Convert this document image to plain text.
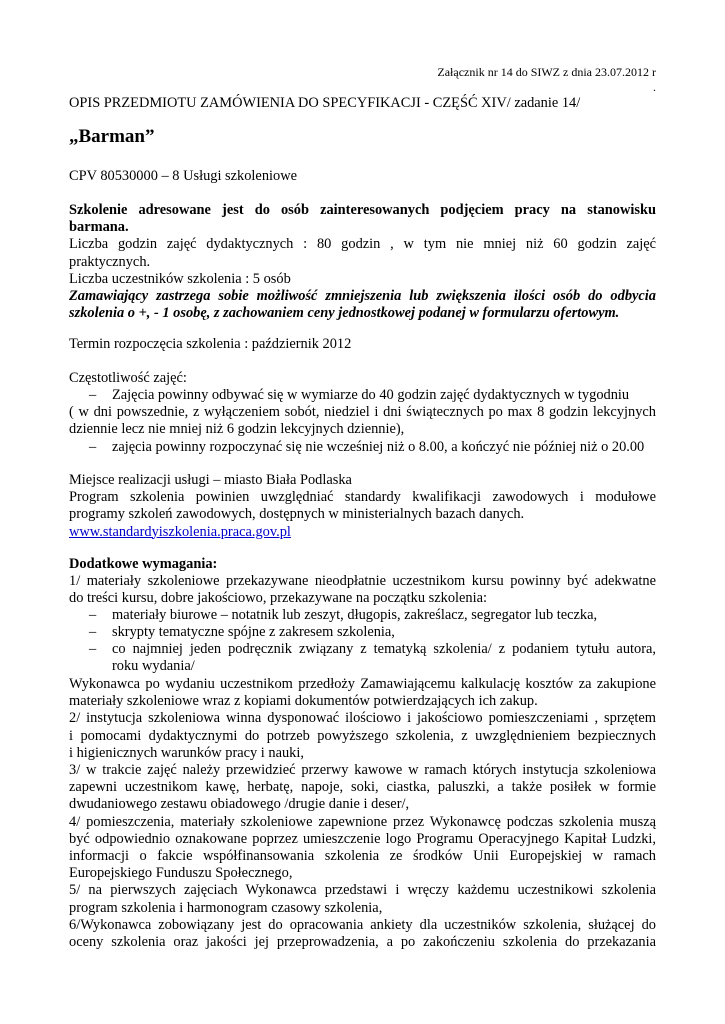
Załącznik nr 14 do SIWZ z dnia 23.07.2012 r
.
OPIS PRZEDMIOTU ZAMÓWIENIA DO SPECYFIKACJI - CZĘŚĆ XIV/ zadanie 14/
„Barman”
CPV 80530000 – 8 Usługi szkoleniowe
Szkolenie adresowane jest do osób zainteresowanych podjęciem pracy na stanowisku
barmana.
Liczba godzin zajęć dydaktycznych : 80 godzin , w tym nie mniej niż 60 godzin zajęć
praktycznych.
Liczba uczestników szkolenia : 5 osób
Zamawiający zastrzega sobie możliwość zmniejszenia lub zwiększenia ilości osób do odbycia
szkolenia o +, - 1 osobę, z zachowaniem ceny jednostkowej podanej w formularzu ofertowym.
Termin rozpoczęcia szkolenia : październik 2012
Częstotliwość zajęć:
– Zajęcia powinny odbywać się w wymiarze do 40 godzin zajęć dydaktycznych w tygodniu
( w dni powszednie, z wyłączeniem sobót, niedziel i dni świątecznych po max 8 godzin lekcyjnych
dziennie lecz nie mniej niż 6 godzin lekcyjnych dziennie),
– zajęcia powinny rozpoczynać się nie wcześniej niż o 8.00, a kończyć nie później niż o 20.00
Miejsce realizacji usługi – miasto Biała Podlaska
Program szkolenia powinien uwzględniać standardy kwalifikacji zawodowych i modułowe
programy szkoleń zawodowych, dostępnych w ministerialnych bazach danych.
www.standardyiszkolenia.praca.gov.pl
Dodatkowe wymagania:
1/ materiały szkoleniowe przekazywane nieodpłatnie uczestnikom kursu powinny być adekwatne
do treści kursu, dobre jakościowo, przekazywane na początku szkolenia:
– materiały biurowe – notatnik lub zeszyt, długopis, zakreślacz, segregator lub teczka,
– skrypty tematyczne spójne z zakresem szkolenia,
– co najmniej jeden podręcznik związany z tematyką szkolenia/ z podaniem tytułu autora,
roku wydania/
Wykonawca po wydaniu uczestnikom przedłoży Zamawiającemu kalkulację kosztów za zakupione
materiały szkoleniowe wraz z kopiami dokumentów potwierdzających ich zakup.
2/ instytucja szkoleniowa winna dysponować ilościowo i jakościowo pomieszczeniami , sprzętem
i pomocami dydaktycznymi do potrzeb powyższego szkolenia, z uwzględnieniem bezpiecznych
i higienicznych warunków pracy i nauki,
3/ w trakcie zajęć należy przewidzieć przerwy kawowe w ramach których instytucja szkoleniowa
zapewni uczestnikom kawę, herbatę, napoje, soki, ciastka, paluszki, a także posiłek w formie
dwudaniowego zestawu obiadowego /drugie danie i deser/,
4/ pomieszczenia, materiały szkoleniowe zapewnione przez Wykonawcę podczas szkolenia muszą
być odpowiednio oznakowane poprzez umieszczenie logo Programu Operacyjnego Kapitał Ludzki,
informacji o fakcie współfinansowania szkolenia ze środków Unii Europejskiej w ramach
Europejskiego Funduszu Społecznego,
5/ na pierwszych zajęciach Wykonawca przedstawi i wręczy każdemu uczestnikowi szkolenia
program szkolenia i harmonogram czasowy szkolenia,
6/Wykonawca zobowiązany jest do opracowania ankiety dla uczestników szkolenia, służącej do
oceny szkolenia oraz jakości jej przeprowadzenia, a po zakończeniu szkolenia do przekazania
